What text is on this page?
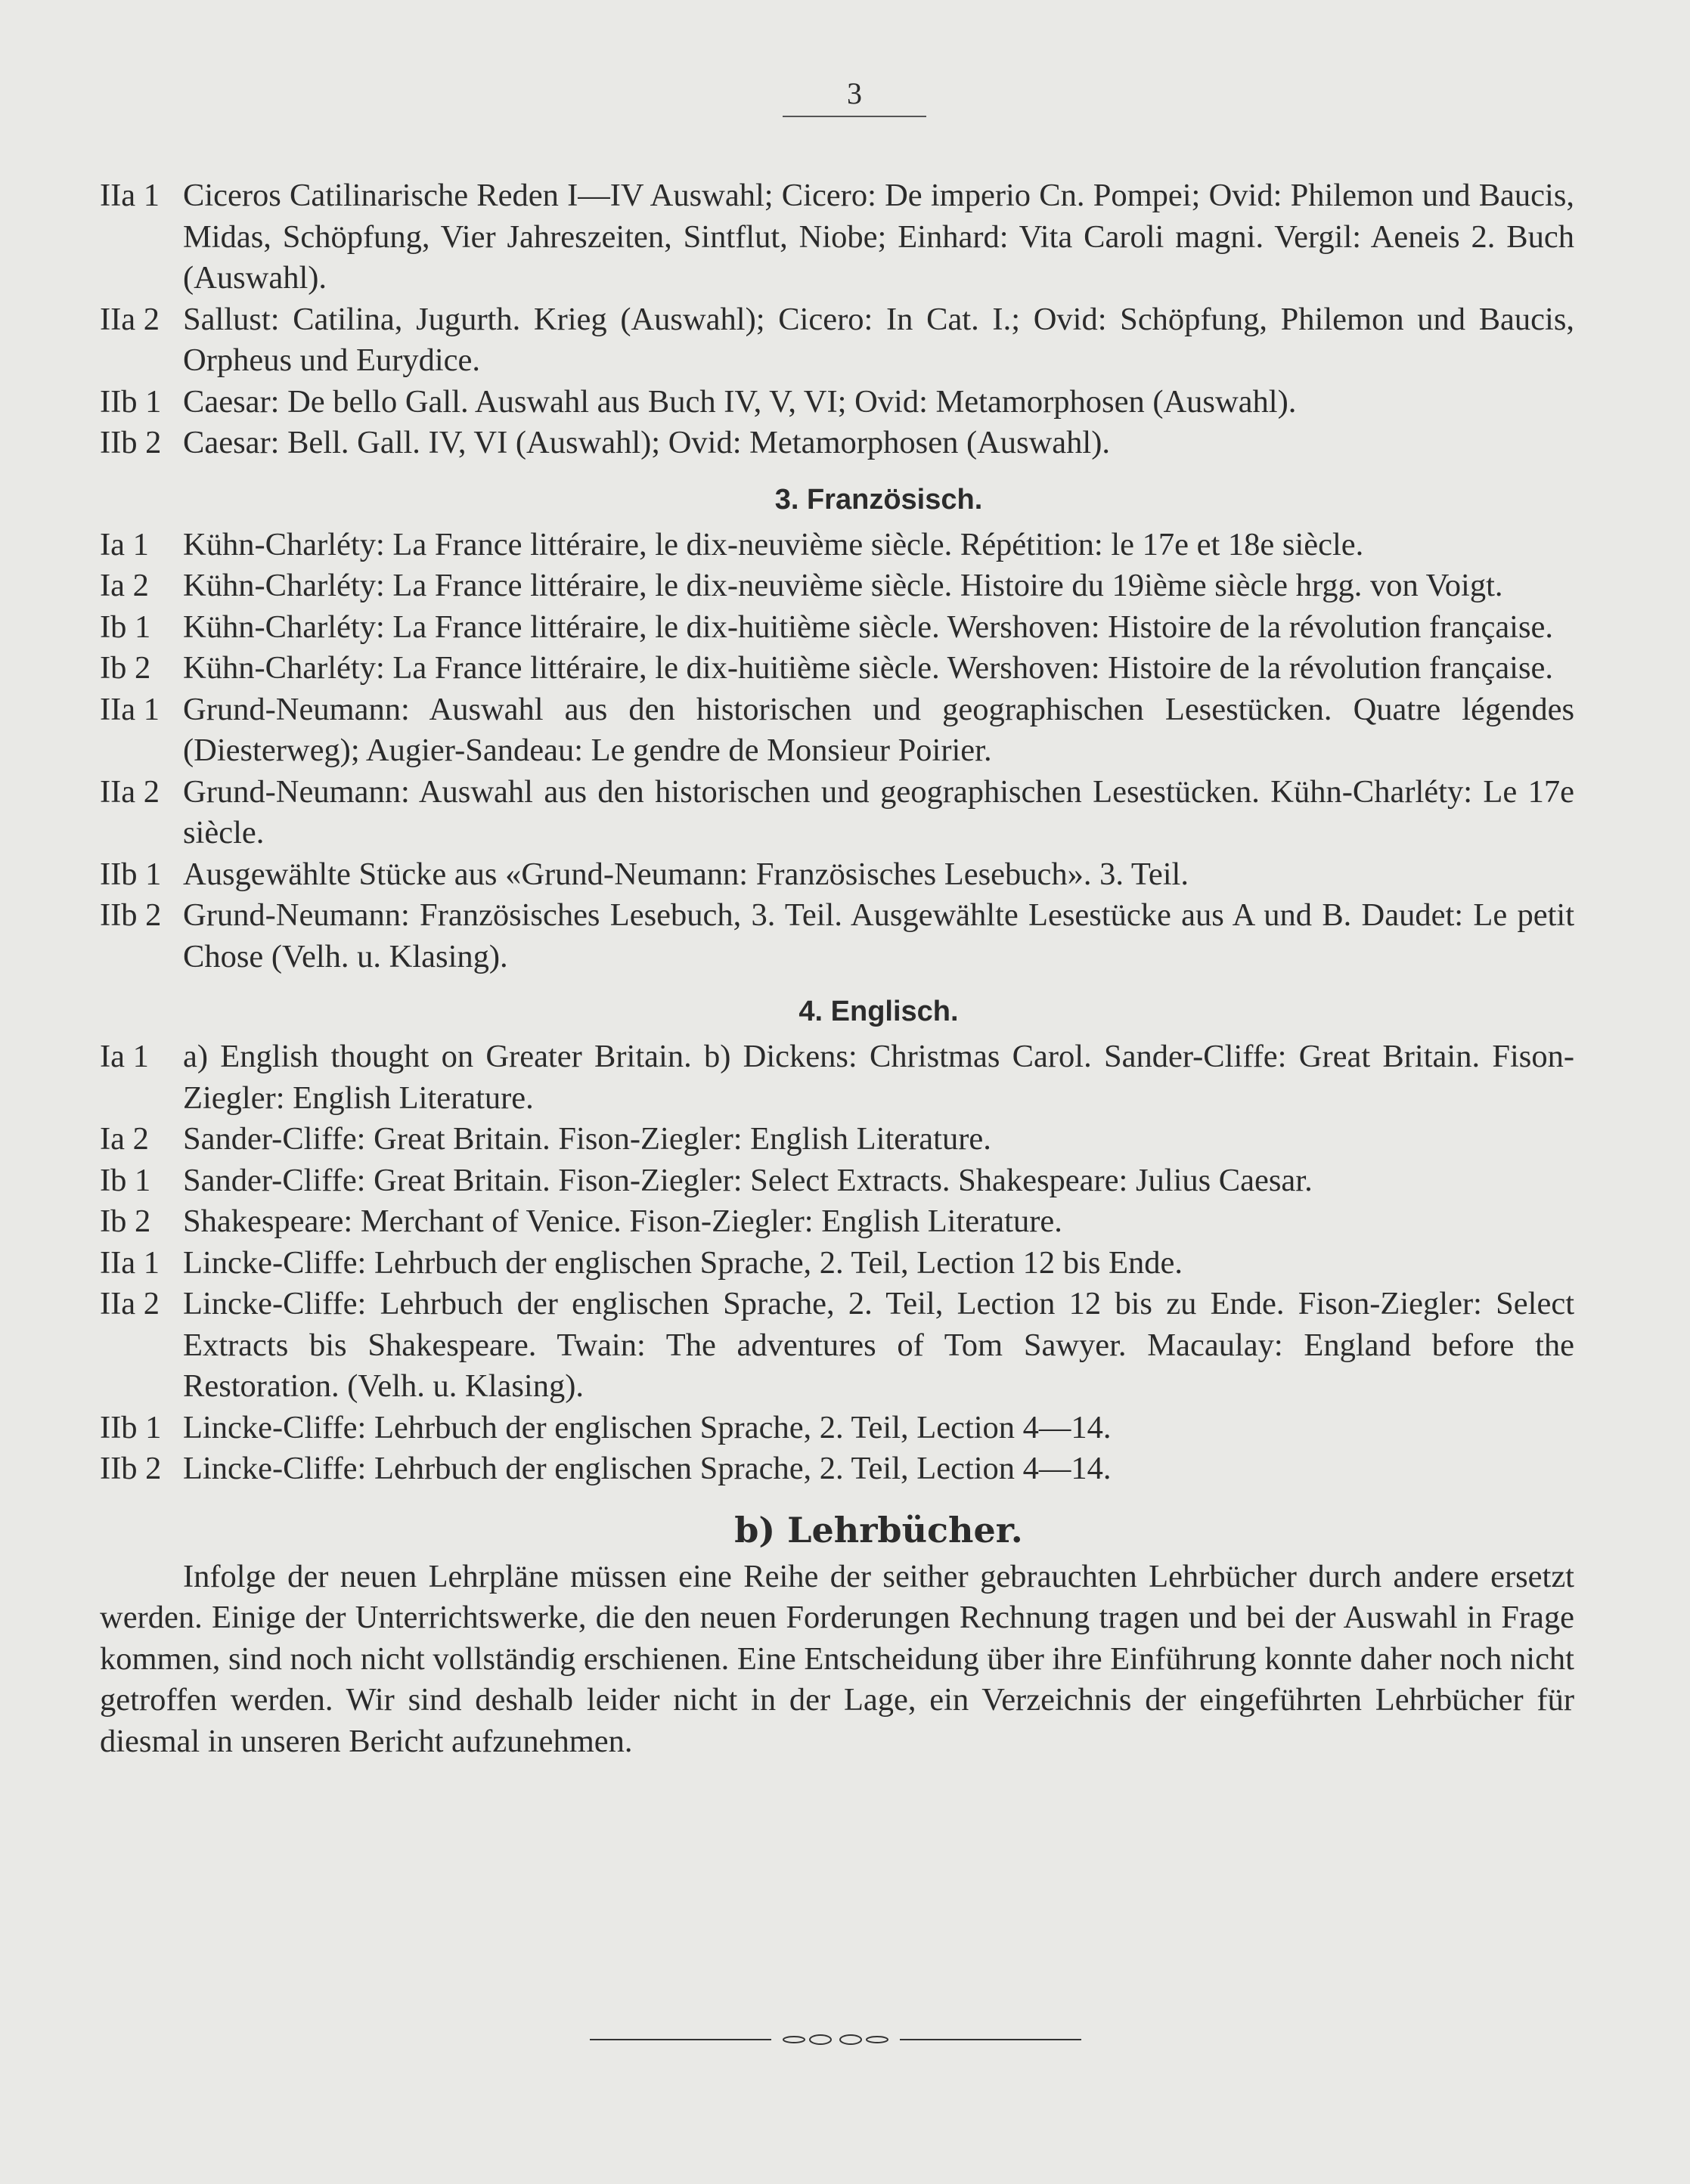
3
IIa 1 Ciceros Catilinarische Reden I—IV Auswahl; Cicero: De imperio Cn. Pompei; Ovid: Philemon und Baucis, Midas, Schöpfung, Vier Jahreszeiten, Sintflut, Niobe; Einhard: Vita Caroli magni. Vergil: Aeneis 2. Buch (Auswahl).
IIa 2 Sallust: Catilina, Jugurth. Krieg (Auswahl); Cicero: In Cat. I.; Ovid: Schöpfung, Philemon und Baucis, Orpheus und Eurydice.
IIb 1 Caesar: De bello Gall. Auswahl aus Buch IV, V, VI; Ovid: Metamorphosen (Auswahl).
IIb 2 Caesar: Bell. Gall. IV, VI (Auswahl); Ovid: Metamorphosen (Auswahl).
3. Französisch.
Ia 1	Kühn-Charléty: La France littéraire, le dix-neuvième siècle. Répétition: le 17e et 18e siècle.
Ia 2	Kühn-Charléty: La France littéraire, le dix-neuvième siècle. Histoire du 19ième siècle hrgg. von Voigt.
Ib 1	Kühn-Charléty: La France littéraire, le dix-huitième siècle. Wershoven: Histoire de la révolution française.
Ib 2	Kühn-Charléty: La France littéraire, le dix-huitième siècle. Wershoven: Histoire de la révolution française.
IIa 1 Grund-Neumann: Auswahl aus den historischen und geographischen Lesestücken. Quatre légendes (Diesterweg); Augier-Sandeau: Le gendre de Monsieur Poirier.
IIa 2 Grund-Neumann: Auswahl aus den historischen und geographischen Lesestücken. Kühn-Charléty: Le 17e siècle.
IIb 1 Ausgewählte Stücke aus «Grund-Neumann: Französisches Lesebuch». 3. Teil.
IIb 2 Grund-Neumann: Französisches Lesebuch, 3. Teil. Ausgewählte Lesestücke aus A und B. Daudet: Le petit Chose (Velh. u. Klasing).
4. Englisch.
Ia 1	a) English thought on Greater Britain. b) Dickens: Christmas Carol. Sander-Cliffe: Great Britain. Fison-Ziegler: English Literature.
Ia 2	Sander-Cliffe: Great Britain. Fison-Ziegler: English Literature.
Ib 1	Sander-Cliffe: Great Britain. Fison-Ziegler: Select Extracts. Shakespeare: Julius Caesar.
Ib 2	Shakespeare: Merchant of Venice. Fison-Ziegler: English Literature.
IIa 1 Lincke-Cliffe: Lehrbuch der englischen Sprache, 2. Teil, Lection 12 bis Ende.
IIa 2 Lincke-Cliffe: Lehrbuch der englischen Sprache, 2. Teil, Lection 12 bis zu Ende. Fison-Ziegler: Select Extracts bis Shakespeare. Twain: The adventures of Tom Sawyer. Macaulay: England before the Restoration. (Velh. u. Klasing).
IIb 1 Lincke-Cliffe: Lehrbuch der englischen Sprache, 2. Teil, Lection 4—14.
IIb 2 Lincke-Cliffe: Lehrbuch der englischen Sprache, 2. Teil, Lection 4—14.
b) Lehrbücher.

Infolge der neuen Lehrpläne müssen eine Reihe der seither gebrauchten Lehrbücher durch andere ersetzt werden. Einige der Unterrichtswerke, die den neuen Forderungen Rechnung tragen und bei der Auswahl in Frage kommen, sind noch nicht vollständig erschienen. Eine Entscheidung über ihre Einführung konnte daher noch nicht getroffen werden. Wir sind deshalb leider nicht in der Lage, ein Verzeichnis der eingeführten Lehrbücher für diesmal in unseren Bericht aufzunehmen.
